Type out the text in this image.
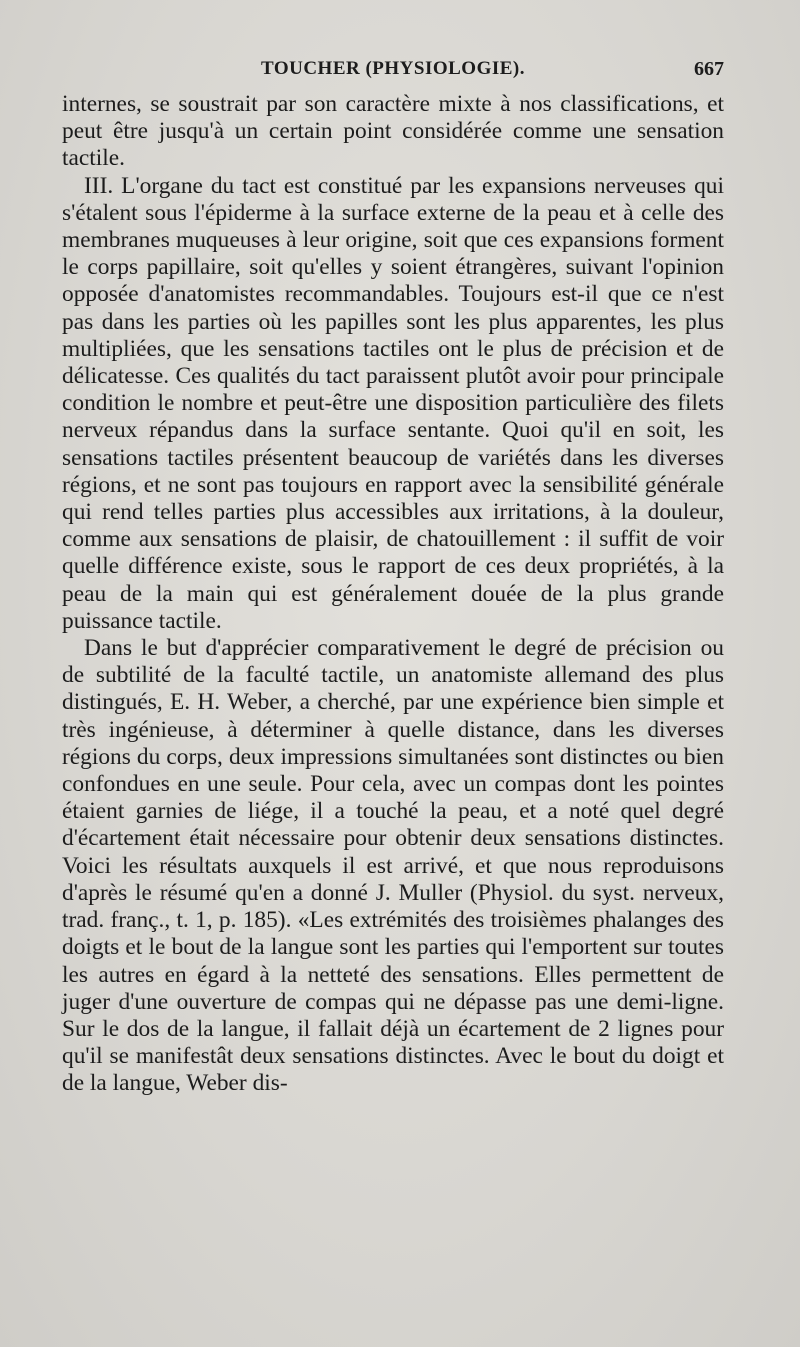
TOUCHER (PHYSIOLOGIE).	667

internes, se soustrait par son caractère mixte à nos classifications, et peut être jusqu'à un certain point considérée comme une sensation tactile.

III. L'organe du tact est constitué par les expansions nerveuses qui s'étalent sous l'épiderme à la surface externe de la peau et à celle des membranes muqueuses à leur origine, soit que ces expansions forment le corps papillaire, soit qu'elles y soient étrangères, suivant l'opinion opposée d'anatomistes recommandables. Toujours est-il que ce n'est pas dans les parties où les papilles sont les plus apparentes, les plus multipliées, que les sensations tactiles ont le plus de précision et de délicatesse. Ces qualités du tact paraissent plutôt avoir pour principale condition le nombre et peut-être une disposition particulière des filets nerveux répandus dans la surface sentante. Quoi qu'il en soit, les sensations tactiles présentent beaucoup de variétés dans les diverses régions, et ne sont pas toujours en rapport avec la sensibilité générale qui rend telles parties plus accessibles aux irritations, à la douleur, comme aux sensations de plaisir, de chatouillement : il suffit de voir quelle différence existe, sous le rapport de ces deux propriétés, à la peau de la main qui est généralement douée de la plus grande puissance tactile.

Dans le but d'apprécier comparativement le degré de précision ou de subtilité de la faculté tactile, un anatomiste allemand des plus distingués, E. H. Weber, a cherché, par une expérience bien simple et très ingénieuse, à déterminer à quelle distance, dans les diverses régions du corps, deux impressions simultanées sont distinctes ou bien confondues en une seule. Pour cela, avec un compas dont les pointes étaient garnies de liége, il a touché la peau, et a noté quel degré d'écartement était nécessaire pour obtenir deux sensations distinctes. Voici les résultats auxquels il est arrivé, et que nous reproduisons d'après le résumé qu'en a donné J. Muller (Physiol. du syst. nerveux, trad. franç., t. 1, p. 185). «Les extrémités des troisièmes phalanges des doigts et le bout de la langue sont les parties qui l'emportent sur toutes les autres en égard à la netteté des sensations. Elles permettent de juger d'une ouverture de compas qui ne dépasse pas une demi-ligne. Sur le dos de la langue, il fallait déjà un écartement de 2 lignes pour qu'il se manifestât deux sensations distinctes. Avec le bout du doigt et de la langue, Weber dis-
